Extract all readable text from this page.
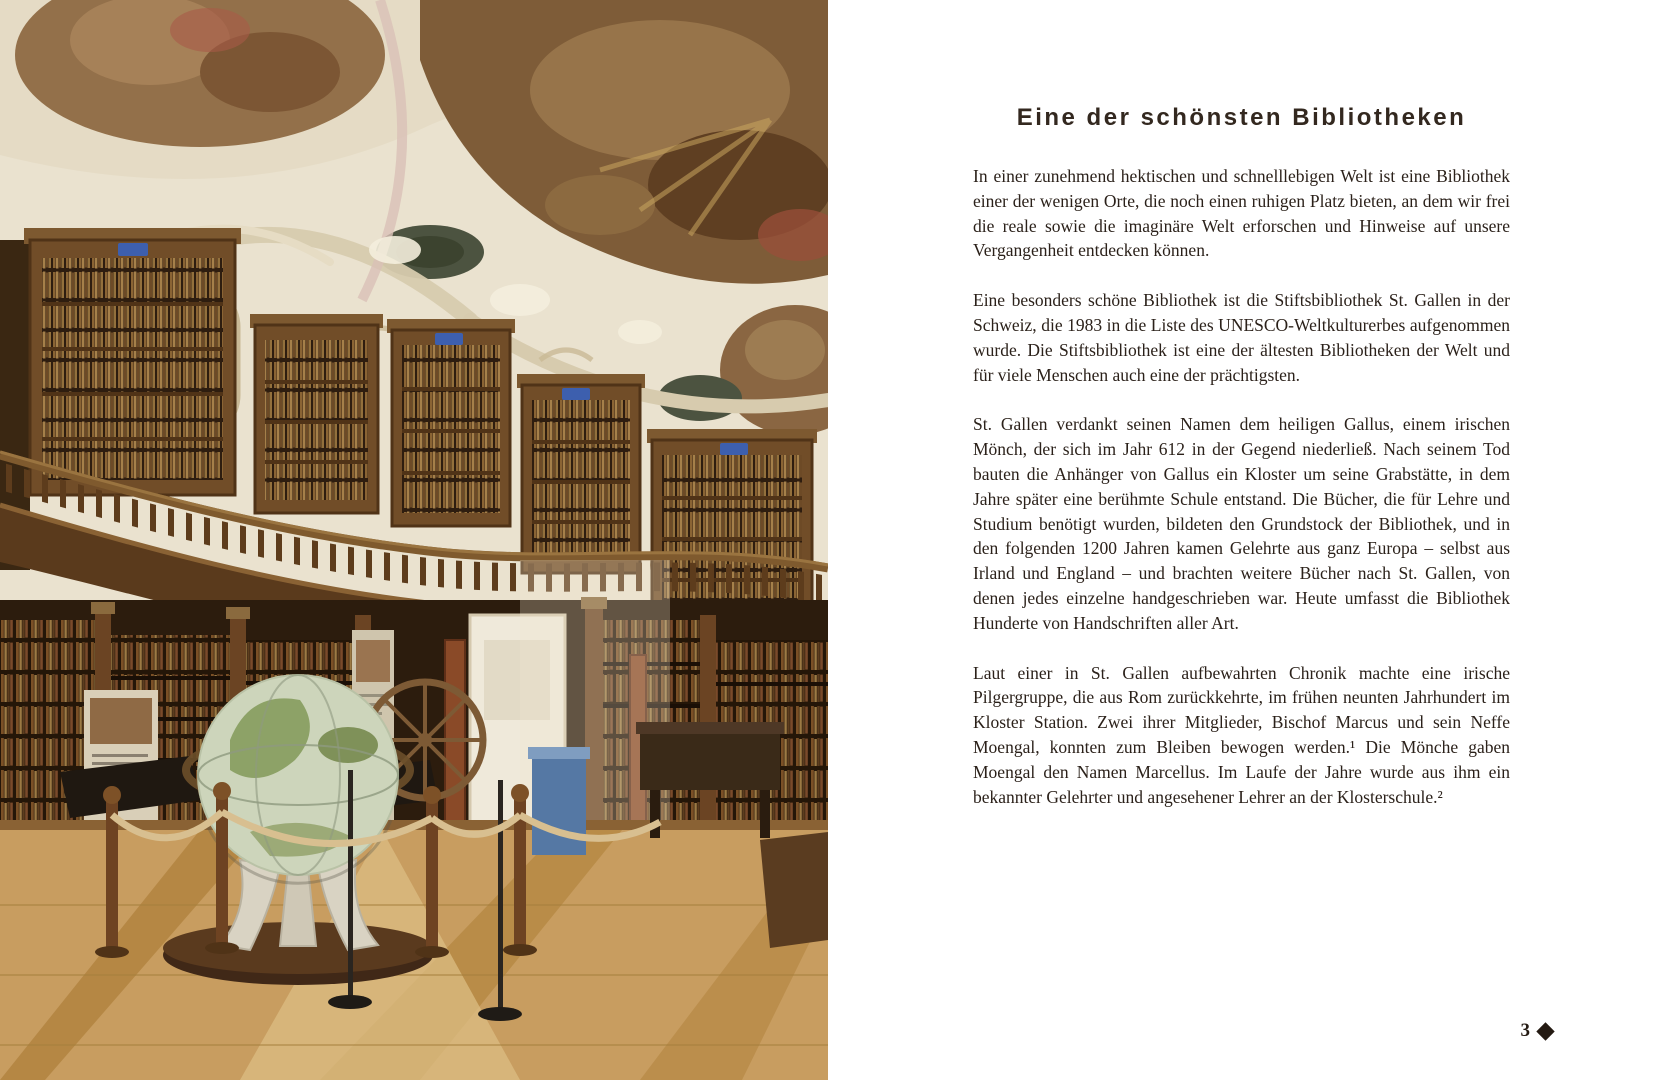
Eine der schönsten Bibliotheken

In einer zunehmend hektischen und schnelllebigen Welt ist eine Bibliothek einer der wenigen Orte, die noch einen ruhigen Platz bieten, an dem wir frei die reale sowie die imaginäre Welt erforschen und Hinweise auf unsere Vergangenheit entdecken können.

Eine besonders schöne Bibliothek ist die Stiftsbibliothek St. Gallen in der Schweiz, die 1983 in die Liste des UNESCO-Weltkulturerbes aufgenommen wurde. Die Stiftsbibliothek ist eine der ältesten Bibliotheken der Welt und für viele Menschen auch eine der prächtigsten.

St. Gallen verdankt seinen Namen dem heiligen Gallus, einem irischen Mönch, der sich im Jahr 612 in der Gegend niederließ. Nach seinem Tod bauten die Anhänger von Gallus ein Kloster um seine Grabstätte, in dem Jahre später eine berühmte Schule entstand. Die Bücher, die für Lehre und Studium benötigt wurden, bildeten den Grundstock der Bibliothek, und in den folgenden 1200 Jahren kamen Gelehrte aus ganz Europa – selbst aus Irland und England – und brachten weitere Bücher nach St. Gallen, von denen jedes einzelne handgeschrieben war. Heute umfasst die Bibliothek Hunderte von Handschriften aller Art.

Laut einer in St. Gallen aufbewahrten Chronik machte eine irische Pilgergruppe, die aus Rom zurückkehrte, im frühen neunten Jahrhundert im Kloster Station. Zwei ihrer Mitglieder, Bischof Marcus und sein Neffe Moengal, konnten zum Bleiben bewogen werden.¹ Die Mönche gaben Moengal den Namen Marcellus. Im Laufe der Jahre wurde aus ihm ein bekannter Gelehrter und angesehener Lehrer an der Klosterschule.²

3
